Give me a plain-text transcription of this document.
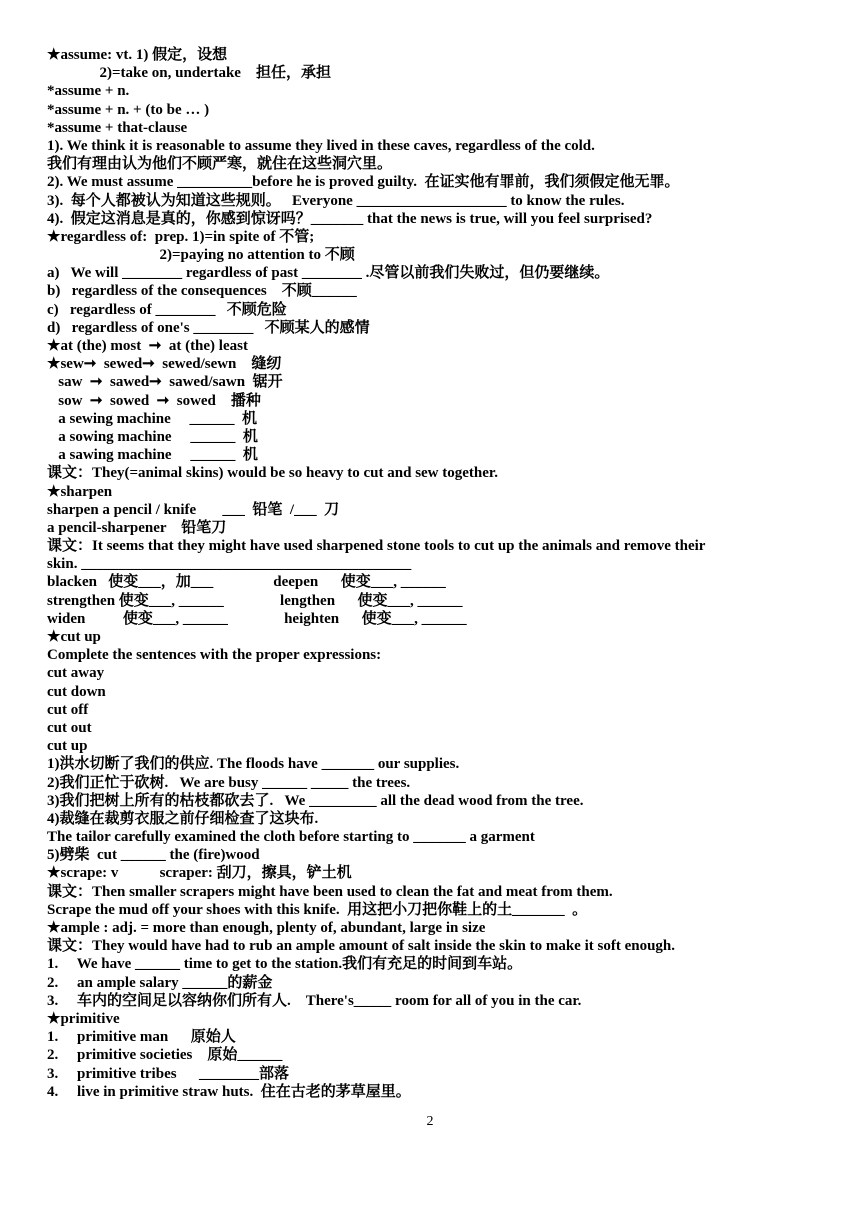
★assume: vt. 1) 假定，设想
2)=take on, undertake    担任，承担
*assume + n.
*assume + n. + (to be … )
*assume + that-clause
1). We think it is reasonable to assume they lived in these caves, regardless of the cold.
我们有理由认为他们不顾严寒，就住在这些洞穴里。
2). We must assume __________before he is proved guilty.  在证实他有罪前，我们须假定他无罪。
3).  每个人都被认为知道这些规则。   Everyone ____________________ to know the rules.
4).  假定这消息是真的，你感到惊讶吗？_______ that the news is true, will you feel surprised?
★regardless of:  prep. 1)=in spite of 不管;
2)=paying no attention to 不顾
a)   We will ________ regardless of past ________ .尽管以前我们失败过，但仍要继续。
b)   regardless of the consequences    不顾______
c)   regardless of ________   不顾危险
d)   regardless of one's ________   不顾某人的感情
★at (the) most  ➞  at (the) least
★sew➞  sewed➞  sewed/sewn    缝纫
saw  ➞  sawed➞  sawed/sawn  锯开
sow  ➞  sowed  ➞  sowed    播种
a sewing machine     ______  机
a sowing machine     ______  机
a sawing machine     ______  机
课文：They(=animal skins) would be so heavy to cut and sew together.
★sharpen
sharpen a pencil / knife       ___  铅笔  /___  刀
a pencil-sharpener    铅笔刀
课文：It seems that they might have used sharpened stone tools to cut up the animals and remove their
skin. ____________________________________________
blacken   使变___，加___                deepen      使变___, ______
strengthen 使变___, ______               lengthen      使变___, ______
widen          使变___, ______               heighten      使变___, ______
★cut up
Complete the sentences with the proper expressions:
cut away
cut down
cut off
cut out
cut up
1)洪水切断了我们的供应. The floods have _______ our supplies.
2)我们正忙于砍树.   We are busy ______ _____ the trees.
3)我们把树上所有的枯枝都砍去了.   We _________ all the dead wood from the tree.
4)裁缝在裁剪衣服之前仔细检查了这块布.
The tailor carefully examined the cloth before starting to _______ a garment
5)劈柴  cut ______ the (fire)wood
★scrape: v           scraper: 刮刀，擦具，铲土机
课文：Then smaller scrapers might have been used to clean the fat and meat from them.
Scrape the mud off your shoes with this knife.  用这把小刀把你鞋上的土_______  。
★ample : adj. = more than enough, plenty of, abundant, large in size
课文：They would have had to rub an ample amount of salt inside the skin to make it soft enough.
1.     We have ______ time to get to the station.我们有充足的时间到车站。
2.     an ample salary ______的薪金
3.     车内的空间足以容纳你们所有人.    There's_____ room for all of you in the car.
★primitive
1.     primitive man      原始人
2.     primitive societies    原始______
3.     primitive tribes      ________部落
4.     live in primitive straw huts.  住在古老的茅草屋里。
2
